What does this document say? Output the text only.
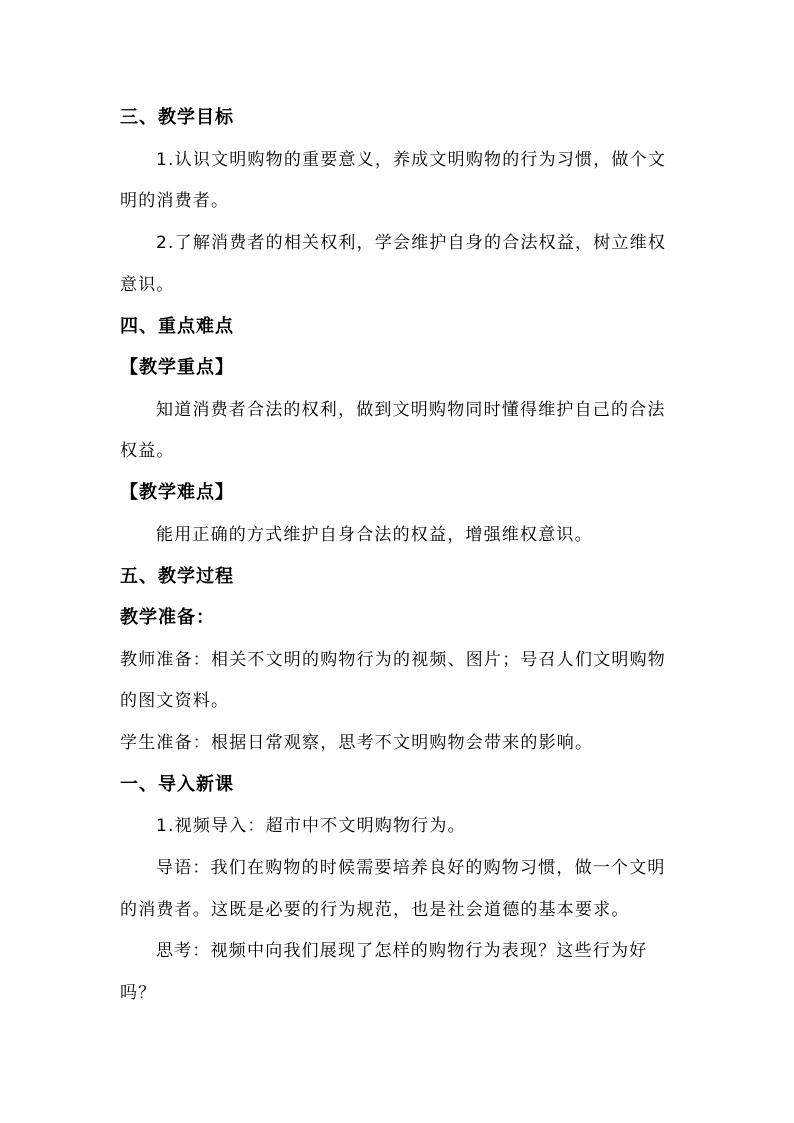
三、教学目标
1.认识文明购物的重要意义，养成文明购物的行为习惯，做个文
明的消费者。
2.了解消费者的相关权利，学会维护自身的合法权益，树立维权
意识。
四、重点难点
【教学重点】
知道消费者合法的权利，做到文明购物同时懂得维护自己的合法
权益。
【教学难点】
能用正确的方式维护自身合法的权益，增强维权意识。
五、教学过程
教学准备：
教师准备：相关不文明的购物行为的视频、图片；号召人们文明购物
的图文资料。
学生准备：根据日常观察，思考不文明购物会带来的影响。
一、导入新课
1.视频导入：超市中不文明购物行为。
导语：我们在购物的时候需要培养良好的购物习惯，做一个文明
的消费者。这既是必要的行为规范，也是社会道德的基本要求。
思考：视频中向我们展现了怎样的购物行为表现？这些行为好
吗？
